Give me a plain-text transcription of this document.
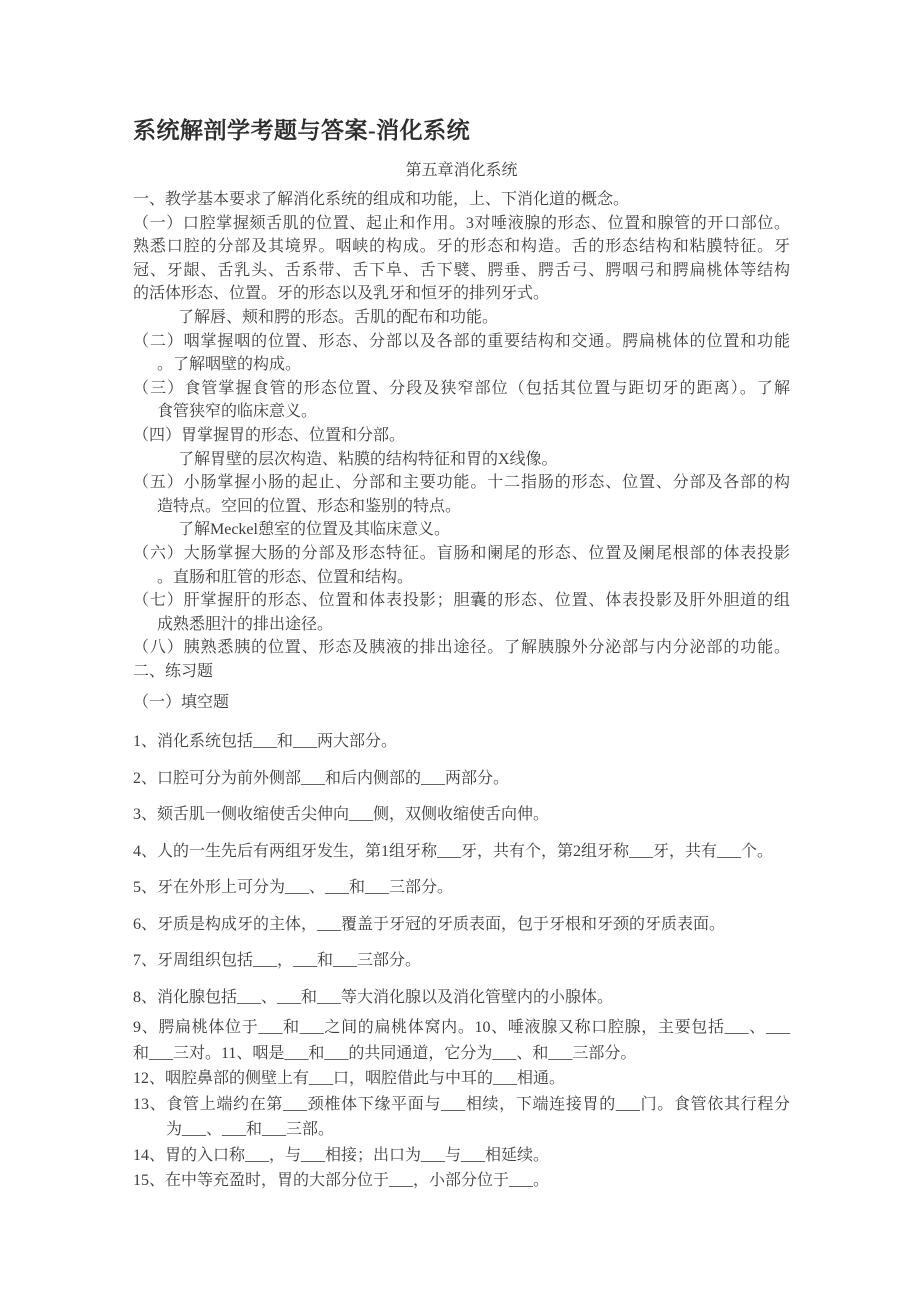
系统解剖学考题与答案-消化系统
第五章消化系统
一、教学基本要求了解消化系统的组成和功能，上、下消化道的概念。
（一）口腔掌握颏舌肌的位置、起止和作用。3对唾液腺的形态、位置和腺管的开口部位。
熟悉口腔的分部及其境界。咽峡的构成。牙的形态和构造。舌的形态结构和粘膜特征。牙
冠、牙龈、舌乳头、舌系带、舌下阜、舌下襞、腭垂、腭舌弓、腭咽弓和腭扁桃体等结构
的活体形态、位置。牙的形态以及乳牙和恒牙的排列牙式。
了解唇、颊和腭的形态。舌肌的配布和功能。
（二）咽掌握咽的位置、形态、分部以及各部的重要结构和交通。腭扁桃体的位置和功能
。了解咽壁的构成。
（三）食管掌握食管的形态位置、分段及狭窄部位（包括其位置与距切牙的距离）。了解
食管狭窄的临床意义。
（四）胃掌握胃的形态、位置和分部。
了解胃壁的层次构造、粘膜的结构特征和胃的X线像。
（五）小肠掌握小肠的起止、分部和主要功能。十二指肠的形态、位置、分部及各部的构
造特点。空回的位置、形态和鉴别的特点。
了解Meckel憩室的位置及其临床意义。
（六）大肠掌握大肠的分部及形态特征。盲肠和阑尾的形态、位置及阑尾根部的体表投影
。直肠和肛管的形态、位置和结构。
（七）肝掌握肝的形态、位置和体表投影；胆囊的形态、位置、体表投影及肝外胆道的组
成熟悉胆汁的排出途径。
（八）胰熟悉胰的位置、形态及胰液的排出途径。了解胰腺外分泌部与内分泌部的功能。
二、练习题
（一）填空题
1、消化系统包括___和___两大部分。
2、口腔可分为前外侧部___和后内侧部的___两部分。
3、颏舌肌一侧收缩使舌尖伸向___侧，双侧收缩使舌向伸。
4、人的一生先后有两组牙发生，第1组牙称___牙，共有个，第2组牙称___牙，共有___个。
5、牙在外形上可分为___、___和___三部分。
6、牙质是构成牙的主体，___覆盖于牙冠的牙质表面，包于牙根和牙颈的牙质表面。
7、牙周组织包括___，___和___三部分。
8、消化腺包括___、___和___等大消化腺以及消化管壁内的小腺体。
9、腭扁桃体位于___和___之间的扁桃体窝内。10、唾液腺又称口腔腺，主要包括___、___
和___三对。11、咽是___和___的共同通道，它分为___、和___三部分。
12、咽腔鼻部的侧壁上有___口，咽腔借此与中耳的___相通。
13、食管上端约在第___颈椎体下缘平面与___相续，下端连接胃的___门。食管依其行程分
为___、___和___三部。
14、胃的入口称___，与___相接；出口为___与___相延续。
15、在中等充盈时，胃的大部分位于___，小部分位于___。
